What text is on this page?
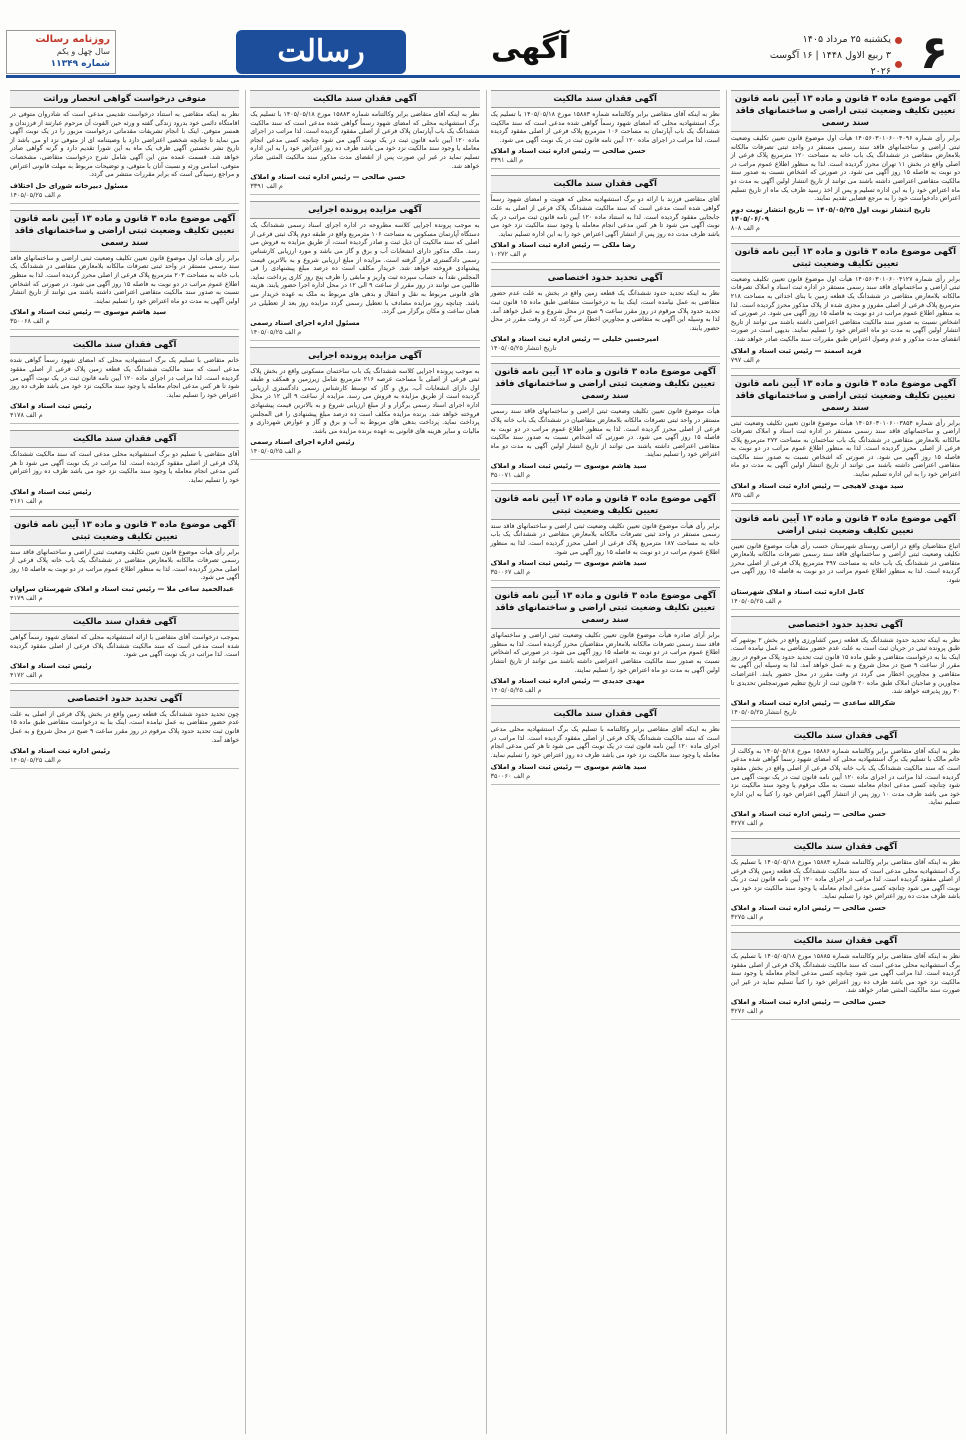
۶
یکشنبه ۲۵ مرداد ۱۴۰۵
۳ ربیع الاول ۱۴۴۸ | ۱۶ آگوست ۲۰۲۶
آگهی
رسالت
روزنامه رسالت
سال چهل و یکم
شماره ۱۱۳۴۹
آگهی موضوع ماده ۳ قانون و ماده ۱۳ آیین نامه قانون تعیین تکلیف وضعیت ثبتی اراضی و ساختمانهای فاقد سند رسمی
برابر رأی شماره ۱۴۰۵۶۰۳۰۱۰۶۰۰۴۰۹۶ هیأت اول موضوع قانون تعیین تکلیف وضعیت ثبتی اراضی و ساختمانهای فاقد سند رسمی مستقر در واحد ثبتی تصرفات مالکانه بلامعارض متقاضی در ششدانگ یک باب خانه به مساحت ۱۲۰ مترمربع پلاک فرعی از اصلی واقع در بخش ۱۱ تهران محرز گردیده است. لذا به منظور اطلاع عموم مراتب در دو نوبت به فاصله ۱۵ روز آگهی می شود. در صورتی که اشخاص نسبت به صدور سند مالکیت متقاضی اعتراضی داشته باشند می توانند از تاریخ انتشار اولین آگهی به مدت دو ماه اعتراض خود را به این اداره تسلیم و پس از اخذ رسید ظرف یک ماه از تاریخ تسلیم اعتراض دادخواست خود را به مرجع قضایی تقدیم نمایند.
تاریخ انتشار نوبت اول ۱۴۰۵/۰۵/۲۵ — تاریخ انتشار نوبت دوم ۱۴۰۵/۰۶/۰۹
م الف ۸۰۸
آگهی موضوع ماده ۳ قانون و ماده ۱۳ آیین نامه قانون تعیین تکلیف وضعیت ثبتی
برابر رأی شماره ۱۴۰۵۶۰۳۰۱۰۶۰۰۴۱۲۷ هیأت اول موضوع قانون تعیین تکلیف وضعیت ثبتی اراضی و ساختمانهای فاقد سند رسمی مستقر در اداره ثبت اسناد و املاک تصرفات مالکانه بلامعارض متقاضی در ششدانگ یک قطعه زمین با بنای احداثی به مساحت ۲۱۸ مترمربع پلاک فرعی از اصلی مفروز و مجزی شده از پلاک مذکور محرز گردیده است. لذا به منظور اطلاع عموم مراتب در دو نوبت به فاصله ۱۵ روز آگهی می شود. در صورتی که اشخاص نسبت به صدور سند مالکیت متقاضی اعتراضی داشته باشند می توانند از تاریخ انتشار اولین آگهی به مدت دو ماه اعتراض خود را تسلیم نمایند. بدیهی است در صورت انقضای مدت مذکور و عدم وصول اعتراض طبق مقررات سند مالکیت صادر خواهد شد.
فرید اسمند — رئیس ثبت اسناد و املاک
م الف ۷۹۷
آگهی موضوع ماده ۳ قانون و ماده ۱۳ آیین نامه قانون تعیین تکلیف وضعیت ثبتی اراضی و ساختمانهای فاقد سند رسمی
برابر رأی شماره ۱۴۰۵۶۰۳۰۱۰۶۰۰۳۸۵۴ هیأت موضوع قانون تعیین تکلیف وضعیت ثبتی اراضی و ساختمانهای فاقد سند رسمی مستقر در اداره ثبت اسناد و املاک تصرفات مالکانه بلامعارض متقاضی در ششدانگ یک باب ساختمان به مساحت ۲۷۲ مترمربع پلاک فرعی از اصلی محرز گردیده است. لذا به منظور اطلاع عموم مراتب در دو نوبت به فاصله ۱۵ روز آگهی می شود. در صورتی که اشخاص نسبت به صدور سند مالکیت متقاضی اعتراضی داشته باشند می توانند از تاریخ انتشار اولین آگهی به مدت دو ماه اعتراض خود را به این اداره تسلیم نمایند.
سید مهدی لاهیجی — رئیس اداره ثبت اسناد و املاک
م الف ۸۳۵
آگهی موضوع ماده ۳ قانون و ماده ۱۳ آیین نامه قانون تعیین تکلیف وضعیت ثبتی اراضی
اتباع متقاضیان واقع در اراضی روستای شهرستان حسب رأی هیأت موضوع قانون تعیین تکلیف وضعیت ثبتی اراضی و ساختمانهای فاقد سند رسمی تصرفات مالکانه بلامعارض متقاضی در ششدانگ یک باب خانه به مساحت ۴۹۷ مترمربع پلاک فرعی از اصلی محرز گردیده است. لذا به منظور اطلاع عموم مراتب در دو نوبت به فاصله ۱۵ روز آگهی می شود.
کامل اداره ثبت اسناد و املاک شهرستان
م الف ۱۴۰۵/۰۵/۲۵
آگهی تحدید حدود اختصاصی
نظر به اینکه تحدید حدود ششدانگ یک قطعه زمین کشاورزی واقع در بخش ۲ بوشهر که طبق پرونده ثبتی در جریان ثبت است به علت عدم حضور متقاضی به عمل نیامده است. اینک بنا به درخواست متقاضی و طبق ماده ۱۵ قانون ثبت تحدید حدود پلاک مرقوم در روز مقرر از ساعت ۹ صبح در محل شروع و به عمل خواهد آمد. لذا به وسیله این آگهی به متقاضی و مجاورین اخطار می گردد در وقت مقرر در محل حضور یابند. اعتراضات مجاورین و صاحبان املاک طبق ماده ۲۰ قانون ثبت از تاریخ تنظیم صورتمجلس تحدیدی تا ۳۰ روز پذیرفته خواهد شد.
شکرالله ساعدی — رئیس اداره ثبت اسناد و املاک
تاریخ انتشار ۱۴۰۵/۰۵/۲۵
آگهی فقدان سند مالکیت
نظر به اینکه آقای متقاضی برابر وکالتنامه شماره ۱۵۸۸۶ مورخ ۱۴۰۵/۰۵/۱۸ به وکالت از خانم مالک با تسلیم یک برگ استشهادیه محلی که امضای شهود رسماً گواهی شده مدعی است که سند مالکیت ششدانگ یک باب خانه پلاک فرعی از اصلی واقع در بخش مفقود گردیده است، لذا مراتب در اجرای ماده ۱۲۰ آیین نامه قانون ثبت در یک نوبت آگهی می شود چنانچه کسی مدعی انجام معامله نسبت به ملک مرقوم یا وجود سند مالکیت نزد خود می باشد ظرف مدت ۱۰ روز پس از انتشار آگهی اعتراض خود را کتباً به این اداره تسلیم نماید.
حسن صالحی — رئیس اداره ثبت اسناد و املاک
م الف ۳۲۷۷
آگهی فقدان سند مالکیت
نظر به اینکه آقای متقاضی برابر وکالتنامه شماره ۱۵۸۸۴ مورخ ۱۴۰۵/۰۵/۱۸ با تسلیم یک برگ استشهادیه محلی مدعی است که سند مالکیت ششدانگ یک قطعه زمین پلاک فرعی از اصلی مفقود گردیده است. لذا مراتب در اجرای ماده ۱۲۰ آیین نامه قانون ثبت در یک نوبت آگهی می شود چنانچه کسی مدعی انجام معامله یا وجود سند مالکیت نزد خود می باشد ظرف مدت ده روز اعتراض خود را تسلیم نماید.
حسن صالحی — رئیس اداره ثبت اسناد و املاک
م الف ۳۲۷۵
آگهی فقدان سند مالکیت
نظر به اینکه آقای متقاضی برابر وکالتنامه شماره ۱۵۸۸۵ مورخ ۱۴۰۵/۰۵/۱۸ با تسلیم یک برگ استشهادیه محلی مدعی است که سند مالکیت ششدانگ پلاک فرعی از اصلی مفقود گردیده است. لذا مراتب آگهی می شود چنانچه کسی مدعی انجام معامله یا وجود سند مالکیت نزد خود می باشد ظرف ده روز اعتراض خود را کتباً تسلیم نماید در غیر این صورت سند مالکیت المثنی صادر خواهد شد.
حسن صالحی — رئیس اداره ثبت اسناد و املاک
م الف ۳۲۷۶
آگهی فقدان سند مالکیت
نظر به اینکه آقای متقاضی برابر وکالتنامه شماره ۱۵۸۸۳ مورخ ۱۴۰۵/۰۵/۱۸ با تسلیم یک برگ استشهادیه محلی که امضای شهود رسماً گواهی شده مدعی است که سند مالکیت ششدانگ یک باب آپارتمان به مساحت ۱۰۶ مترمربع پلاک فرعی از اصلی مفقود گردیده است، لذا مراتب در اجرای ماده ۱۲۰ آیین نامه قانون ثبت در یک نوبت آگهی می شود.
حسن صالحی — رئیس اداره ثبت اسناد و املاک
م الف ۳۳۹۱
آگهی فقدان سند مالکیت
آقای متقاضی فرزند با ارائه دو برگ استشهادیه محلی که هویت و امضای شهود رسماً گواهی شده است مدعی است که سند مالکیت ششدانگ پلاک فرعی از اصلی به علت جابجایی مفقود گردیده است. لذا به استناد ماده ۱۲۰ آیین نامه قانون ثبت مراتب در یک نوبت آگهی می شود تا هر کس مدعی انجام معامله یا وجود سند مالکیت نزد خود می باشد ظرف مدت ده روز پس از انتشار آگهی اعتراض خود را به این اداره تسلیم نماید.
رضا ملکی — رئیس اداره ثبت اسناد و املاک
م الف ۱۰۲۷۲
آگهی تحدید حدود اختصاصی
نظر به اینکه تحدید حدود ششدانگ یک قطعه زمین واقع در بخش به علت عدم حضور متقاضی به عمل نیامده است، اینک بنا به درخواست متقاضی طبق ماده ۱۵ قانون ثبت تحدید حدود پلاک مرقوم در روز مقرر ساعت ۹ صبح در محل شروع و به عمل خواهد آمد. لذا به وسیله این آگهی به متقاضی و مجاورین اخطار می گردد که در وقت مقرر در محل حضور یابند.
امیرحسین خلیلی — رئیس اداره ثبت اسناد و املاک
تاریخ انتشار ۱۴۰۵/۰۵/۲۵
آگهی موضوع ماده ۳ قانون و ماده ۱۳ آیین نامه قانون تعیین تکلیف وضعیت ثبتی اراضی و ساختمانهای فاقد سند رسمی
هیأت موضوع قانون تعیین تکلیف وضعیت ثبتی اراضی و ساختمانهای فاقد سند رسمی مستقر در واحد ثبتی تصرفات مالکانه بلامعارض متقاضیان در ششدانگ یک باب خانه پلاک فرعی از اصلی محرز گردیده است. لذا به منظور اطلاع عموم مراتب در دو نوبت به فاصله ۱۵ روز آگهی می شود. در صورتی که اشخاص نسبت به صدور سند مالکیت متقاضی اعتراضی داشته باشند می توانند از تاریخ انتشار اولین آگهی به مدت دو ماه اعتراض خود را تسلیم نمایند.
سید هاشم موسوی — رئیس ثبت اسناد و املاک
م الف ۳۵۰۰۷۱
آگهی موضوع ماده ۳ قانون و ماده ۱۳ آیین نامه قانون تعیین تکلیف وضعیت ثبتی
برابر رأی هیأت موضوع قانون تعیین تکلیف وضعیت ثبتی اراضی و ساختمانهای فاقد سند رسمی مستقر در واحد ثبتی تصرفات مالکانه بلامعارض متقاضی در ششدانگ یک باب خانه به مساحت ۱۸۷ مترمربع پلاک فرعی از اصلی محرز گردیده است. لذا به منظور اطلاع عموم مراتب در دو نوبت به فاصله ۱۵ روز آگهی می شود.
سید هاشم موسوی — رئیس ثبت اسناد و املاک
م الف ۳۵۰۰۶۷
آگهی موضوع ماده ۳ قانون و ماده ۱۳ آیین نامه قانون تعیین تکلیف وضعیت ثبتی اراضی و ساختمانهای فاقد سند رسمی
برابر آرای صادره هیأت موضوع قانون تعیین تکلیف وضعیت ثبتی اراضی و ساختمانهای فاقد سند رسمی تصرفات مالکانه بلامعارض متقاضیان محرز گردیده است. لذا به منظور اطلاع عموم مراتب در دو نوبت به فاصله ۱۵ روز آگهی می شود. در صورتی که اشخاص نسبت به صدور سند مالکیت متقاضی اعتراضی داشته باشند می توانند از تاریخ انتشار اولین آگهی به مدت دو ماه اعتراض خود را تسلیم نمایند.
مهدی جدیدی — رئیس اداره ثبت اسناد و املاک
م الف ۱۴۰۵/۰۵/۲۵
آگهی فقدان سند مالکیت
نظر به اینکه آقای متقاضی برابر وکالتنامه با تسلیم یک برگ استشهادیه محلی مدعی است که سند مالکیت ششدانگ پلاک فرعی از اصلی مفقود گردیده است. لذا مراتب در اجرای ماده ۱۲۰ آیین نامه قانون ثبت در یک نوبت آگهی می شود تا هر کس مدعی انجام معامله یا وجود سند مالکیت نزد خود می باشد ظرف ده روز اعتراض خود را تسلیم نماید.
سید هاشم موسوی — رئیس ثبت اسناد و املاک
م الف ۳۵۰۰۶۰
آگهی فقدان سند مالکیت
نظر به اینکه آقای متقاضی برابر وکالتنامه شماره ۱۵۸۸۳ مورخ ۱۴۰۵/۰۵/۱۸ با تسلیم یک برگ استشهادیه محلی که امضای شهود رسماً گواهی شده مدعی است که سند مالکیت ششدانگ یک باب آپارتمان پلاک فرعی از اصلی مفقود گردیده است. لذا مراتب در اجرای ماده ۱۲۰ آیین نامه قانون ثبت در یک نوبت آگهی می شود چنانچه کسی مدعی انجام معامله یا وجود سند مالکیت نزد خود می باشد ظرف ده روز اعتراض خود را به این اداره تسلیم نماید در غیر این صورت پس از انقضای مدت مذکور سند مالکیت المثنی صادر خواهد شد.
حسن صالحی — رئیس اداره ثبت اسناد و املاک
م الف ۳۳۹۱
آگهی مزایده پرونده اجرایی
به موجب پرونده اجرایی کلاسه مطروحه در اداره اجرای اسناد رسمی ششدانگ یک دستگاه آپارتمان مسکونی به مساحت ۱۰۶ مترمربع واقع در طبقه دوم پلاک ثبتی فرعی از اصلی که سند مالکیت آن ذیل ثبت و صادر گردیده است، از طریق مزایده به فروش می رسد. ملک مذکور دارای انشعابات آب و برق و گاز می باشد و مورد ارزیابی کارشناس رسمی دادگستری قرار گرفته است. مزایده از مبلغ ارزیابی شروع و به بالاترین قیمت پیشنهادی فروخته خواهد شد. خریدار مکلف است ده درصد مبلغ پیشنهادی را فی المجلس نقداً به حساب سپرده ثبت واریز و مابقی را ظرف پنج روز کاری پرداخت نماید. طالبین می توانند در روز مقرر از ساعت ۹ الی ۱۲ در محل اداره اجرا حضور یابند. هزینه های قانونی مربوط به نقل و انتقال و بدهی های مربوط به ملک به عهده خریدار می باشد. چنانچه روز مزایده مصادف با تعطیل رسمی گردد مزایده روز بعد از تعطیلی در همان ساعت و مکان برگزار می گردد.
مسئول اداره اجرای اسناد رسمی
م الف ۱۴۰۵/۰۵/۲۵
آگهی مزایده پرونده اجرایی
به موجب پرونده اجرایی کلاسه ششدانگ یک باب ساختمان مسکونی واقع در بخش پلاک ثبتی فرعی از اصلی با مساحت عرصه ۲۱۶ مترمربع شامل زیرزمین و همکف و طبقه اول دارای انشعابات آب، برق و گاز که توسط کارشناس رسمی دادگستری ارزیابی گردیده است از طریق مزایده به فروش می رسد. مزایده از ساعت ۹ الی ۱۲ در محل اداره اجرای اسناد رسمی برگزار و از مبلغ ارزیابی شروع و به بالاترین قیمت پیشنهادی فروخته خواهد شد. برنده مزایده مکلف است ده درصد مبلغ پیشنهادی را فی المجلس پرداخت نماید. پرداخت بدهی های مربوط به آب و برق و گاز و عوارض شهرداری و مالیات و سایر هزینه های قانونی به عهده برنده مزایده می باشد.
رئیس اداره اجرای اسناد رسمی
م الف ۱۴۰۵/۰۵/۲۵
متوفی درخواست گواهی انحصار وراثت
نظر به اینکه متقاضی به استناد درخواست تقدیمی مدعی است که شادروان متوفی در اقامتگاه دائمی خود بدرود زندگی گفته و ورثه حین الفوت آن مرحوم عبارتند از فرزندان و همسر متوفی. اینک با انجام تشریفات مقدماتی درخواست مزبور را در یک نوبت آگهی می نماید تا چنانچه شخصی اعتراضی دارد یا وصیتنامه ای از متوفی نزد او می باشد از تاریخ نشر نخستین آگهی ظرف یک ماه به این شورا تقدیم دارد و گرنه گواهی صادر خواهد شد. قسمت عمده متن این آگهی شامل شرح درخواست متقاضی، مشخصات متوفی، اسامی ورثه و نسبت آنان با متوفی، و توضیحات مربوط به مهلت قانونی اعتراض و مراجع رسیدگی است که برابر مقررات منتشر می گردد.
مسئول دبیرخانه شورای حل اختلاف
م الف ۱۴۰۵/۰۵/۲۵
آگهی موضوع ماده ۳ قانون و ماده ۱۳ آیین نامه قانون تعیین تکلیف وضعیت ثبتی اراضی و ساختمانهای فاقد سند رسمی
برابر رأی هیأت اول موضوع قانون تعیین تکلیف وضعیت ثبتی اراضی و ساختمانهای فاقد سند رسمی مستقر در واحد ثبتی تصرفات مالکانه بلامعارض متقاضی در ششدانگ یک باب خانه به مساحت ۲۰۳ مترمربع پلاک فرعی از اصلی محرز گردیده است. لذا به منظور اطلاع عموم مراتب در دو نوبت به فاصله ۱۵ روز آگهی می شود. در صورتی که اشخاص نسبت به صدور سند مالکیت متقاضی اعتراضی داشته باشند می توانند از تاریخ انتشار اولین آگهی به مدت دو ماه اعتراض خود را تسلیم نمایند.
سید هاشم موسوی — رئیس ثبت اسناد و املاک
م الف ۳۵۰۰۶۸
آگهی فقدان سند مالکیت
خانم متقاضی با تسلیم یک برگ استشهادیه محلی که امضای شهود رسماً گواهی شده مدعی است که سند مالکیت ششدانگ یک قطعه زمین پلاک فرعی از اصلی مفقود گردیده است. لذا مراتب در اجرای ماده ۱۲۰ آیین نامه قانون ثبت در یک نوبت آگهی می شود تا هر کس مدعی انجام معامله یا وجود سند مالکیت نزد خود می باشد ظرف ده روز اعتراض خود را تسلیم نماید.
رئیس ثبت اسناد و املاک
م الف ۴۱۷۸
آگهی فقدان سند مالکیت
آقای متقاضی با تسلیم دو برگ استشهادیه محلی مدعی است که سند مالکیت ششدانگ پلاک فرعی از اصلی مفقود گردیده است. لذا مراتب در یک نوبت آگهی می شود تا هر کس مدعی انجام معامله یا وجود سند مالکیت نزد خود می باشد ظرف ده روز اعتراض خود را تسلیم نماید.
رئیس ثبت اسناد و املاک
م الف ۴۱۶۱
آگهی موضوع ماده ۳ قانون و ماده ۱۳ آیین نامه قانون تعیین تکلیف وضعیت ثبتی
برابر رأی هیأت موضوع قانون تعیین تکلیف وضعیت ثبتی اراضی و ساختمانهای فاقد سند رسمی تصرفات مالکانه بلامعارض متقاضی در ششدانگ یک باب خانه پلاک فرعی از اصلی محرز گردیده است. لذا به منظور اطلاع عموم مراتب در دو نوبت به فاصله ۱۵ روز آگهی می شود.
عبدالحمید ساعی ملا — رئیس ثبت اسناد و املاک شهرستان سراوان
م الف ۴۱۷۹
آگهی فقدان سند مالکیت
بموجب درخواست آقای متقاضی با ارائه استشهادیه محلی که امضای شهود رسماً گواهی شده است مدعی است که سند مالکیت ششدانگ پلاک فرعی از اصلی مفقود گردیده است. لذا مراتب در یک نوبت آگهی می شود.
رئیس ثبت اسناد و املاک
م الف ۴۱۷۲
آگهی تحدید حدود اختصاصی
چون تحدید حدود ششدانگ یک قطعه زمین واقع در بخش پلاک فرعی از اصلی به علت عدم حضور متقاضی به عمل نیامده است، اینک بنا به درخواست متقاضی طبق ماده ۱۵ قانون ثبت تحدید حدود پلاک مرقوم در روز مقرر ساعت ۹ صبح در محل شروع و به عمل خواهد آمد.
رئیس اداره ثبت اسناد و املاک
م الف ۱۴۰۵/۰۵/۲۵
